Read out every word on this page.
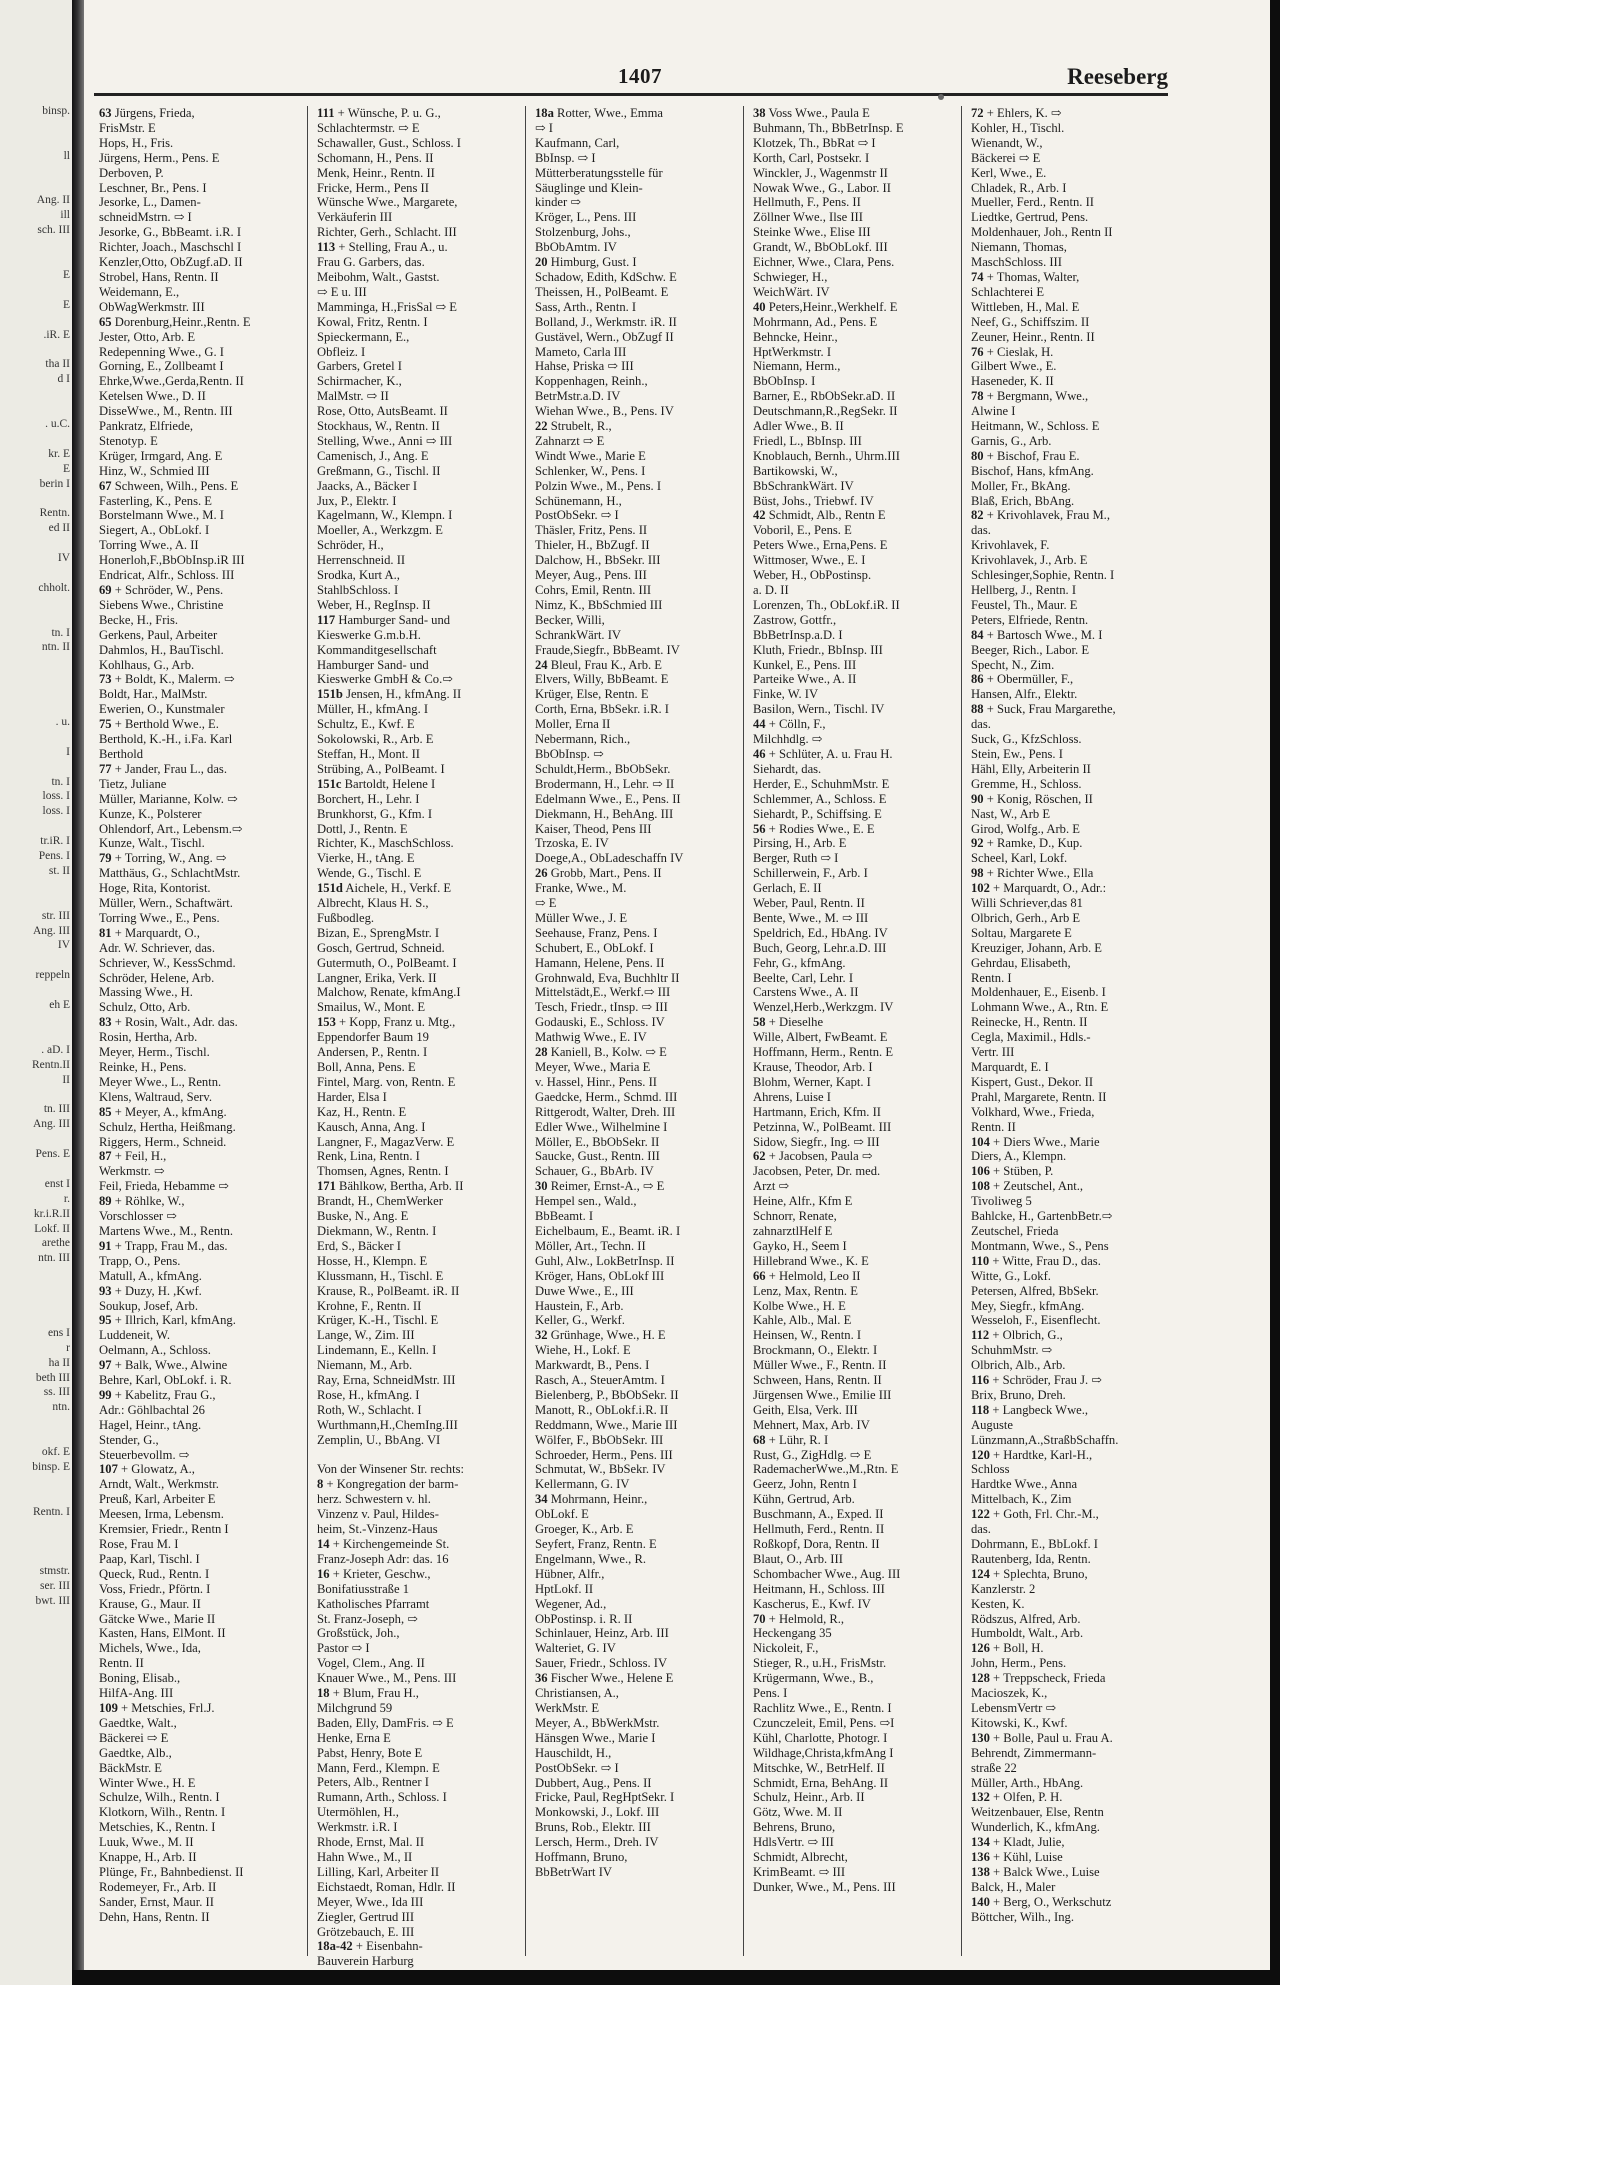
binsp.
ll
Ang. II
ill
sch. III
E
E
.iR. E
tha II
d I
. u.C.
kr. E
E
berin I
Rentn.
ed II
IV
chholt.
tn. I
ntn. II
. u.
I
tn. I
loss. I
loss. I
tr.iR. I
Pens. I
st. II
str. III
Ang. III
IV
reppeln
eh E
. aD. I
Rentn.II
II
tn. III
Ang. III
Pens. E
enst I
r.
kr.i.R.II
Lokf. II
arethe
ntn. III
ens I
r
ha II
beth III
ss. III
ntn.
okf. E
binsp. E
Rentn. I
stmstr.
ser. III
bwt. III
1407	Reeseberg
63 Jürgens, Frieda,
FrisMstr. E
Hops, H., Fris.
Jürgens, Herm., Pens. E
Derboven, P.
Leschner, Br., Pens. I
Jesorke, L., Damen-
schneidMstrn. ⇨ I
Jesorke, G., BbBeamt. i.R. I
Richter, Joach., Maschschl I
Kenzler,Otto, ObZugf.aD. II
Strobel, Hans, Rentn. II
Weidemann, E.,
ObWagWerkmstr. III
65 Dorenburg,Heinr.,Rentn. E
Jester, Otto, Arb. E
Redepenning Wwe., G. I
Gorning, E., Zollbeamt I
Ehrke,Wwe.,Gerda,Rentn. II
Ketelsen Wwe., D. II
DisseWwe., M., Rentn. III
Pankratz, Elfriede,
Stenotyp. E
Krüger, Irmgard, Ang. E
Hinz, W., Schmied III
67 Schween, Wilh., Pens. E
Fasterling, K., Pens. E
Borstelmann Wwe., M. I
Siegert, A., ObLokf. I
Torring Wwe., A. II
Honerloh,F.,BbObInsp.iR III
Endricat, Alfr., Schloss. III
69 + Schröder, W., Pens.
Siebens Wwe., Christine
Becke, H., Fris.
Gerkens, Paul, Arbeiter
Dahmlos, H., BauTischl.
Kohlhaus, G., Arb.
73 + Boldt, K., Malerm. ⇨
Boldt, Har., MalMstr.
Ewerien, O., Kunstmaler
75 + Berthold Wwe., E.
Berthold, K.-H., i.Fa. Karl
Berthold
77 + Jander, Frau L., das.
Tietz, Juliane
Müller, Marianne, Kolw. ⇨
Kunze, K., Polsterer
Ohlendorf, Art., Lebensm.⇨
Kunze, Walt., Tischl.
79 + Torring, W., Ang. ⇨
Matthäus, G., SchlachtMstr.
Hoge, Rita, Kontorist.
Müller, Wern., Schaftwärt.
Torring Wwe., E., Pens.
81 + Marquardt, O.,
Adr. W. Schriever, das.
Schriever, W., KessSchmd.
Schröder, Helene, Arb.
Massing Wwe., H.
Schulz, Otto, Arb.
83 + Rosin, Walt., Adr. das.
Rosin, Hertha, Arb.
Meyer, Herm., Tischl.
Reinke, H., Pens.
Meyer Wwe., L., Rentn.
Klens, Waltraud, Serv.
85 + Meyer, A., kfmAng.
Schulz, Hertha, Heißmang.
Riggers, Herm., Schneid.
87 + Feil, H.,
Werkmstr. ⇨
Feil, Frieda, Hebamme ⇨
89 + Röhlke, W.,
Vorschlosser ⇨
Martens Wwe., M., Rentn.
91 + Trapp, Frau M., das.
Trapp, O., Pens.
Matull, A., kfmAng.
93 + Duzy, H. ,Kwf.
Soukup, Josef, Arb.
95 + Illrich, Karl, kfmAng.
Luddeneit, W.
Oelmann, A., Schloss.
97 + Balk, Wwe., Alwine
Behre, Karl, ObLokf. i. R.
99 + Kabelitz, Frau G.,
Adr.: Göhlbachtal 26
Hagel, Heinr., tAng.
Stender, G.,
Steuerbevollm. ⇨
107 + Glowatz, A.,
Arndt, Walt., Werkmstr.
Preuß, Karl, Arbeiter E
Meesen, Irma, Lebensm.
Kremsier, Friedr., Rentn I
Rose, Frau M. I
Paap, Karl, Tischl. I
Queck, Rud., Rentn. I
Voss, Friedr., Pförtn. I
Krause, G., Maur. II
Gätcke Wwe., Marie II
Kasten, Hans, ElMont. II
Michels, Wwe., Ida,
Rentn. II
Boning, Elisab.,
HilfA-Ang. III
109 + Metschies, Frl.J.
Gaedtke, Walt.,
Bäckerei ⇨ E
Gaedtke, Alb.,
BäckMstr. E
Winter Wwe., H. E
Schulze, Wilh., Rentn. I
Klotkorn, Wilh., Rentn. I
Metschies, K., Rentn. I
Luuk, Wwe., M. II
Knappe, H., Arb. II
Plünge, Fr., Bahnbedienst. II
Rodemeyer, Fr., Arb. II
Sander, Ernst, Maur. II
Dehn, Hans, Rentn. II
111 + Wünsche, P. u. G.,
Schlachtermstr. ⇨ E
Schawaller, Gust., Schloss. I
Schomann, H., Pens. II
Menk, Heinr., Rentn. II
Fricke, Herm., Pens II
Wünsche Wwe., Margarete,
Verkäuferin III
Richter, Gerh., Schlacht. III
113 + Stelling, Frau A., u.
Frau G. Garbers, das.
Meibohm, Walt., Gastst.
⇨ E u. III
Mamminga, H.,FrisSal ⇨ E
Kowal, Fritz, Rentn. I
Spieckermann, E.,
Obfleiz. I
Garbers, Gretel I
Schirmacher, K.,
MalMstr. ⇨ II
Rose, Otto, AutsBeamt. II
Stockhaus, W., Rentn. II
Stelling, Wwe., Anni ⇨ III
Camenisch, J., Ang. E
Greßmann, G., Tischl. II
Jaacks, A., Bäcker I
Jux, P., Elektr. I
Kagelmann, W., Klempn. I
Moeller, A., Werkzgm. E
Schröder, H.,
Herrenschneid. II
Srodka, Kurt A.,
StahlbSchloss. I
Weber, H., RegInsp. II
117 Hamburger Sand- und
Kieswerke G.m.b.H.
Kommanditgesellschaft
Hamburger Sand- und
Kieswerke GmbH & Co.⇨
151b Jensen, H., kfmAng. II
Müller, H., kfmAng. I
Schultz, E., Kwf. E
Sokolowski, R., Arb. E
Steffan, H., Mont. II
Strübing, A., PolBeamt. I
151c Bartoldt, Helene I
Borchert, H., Lehr. I
Brunkhorst, G., Kfm. I
Dottl, J., Rentn. E
Richter, K., MaschSchloss.
Vierke, H., tAng. E
Wende, G., Tischl. E
151d Aichele, H., Verkf. E
Albrecht, Klaus H. S.,
Fußbodleg.
Bizan, E., SprengMstr. I
Gosch, Gertrud, Schneid.
Gutermuth, O., PolBeamt. I
Langner, Erika, Verk. II
Malchow, Renate, kfmAng.I
Smailus, W., Mont. E
153 + Kopp, Franz u. Mtg.,
Eppendorfer Baum 19
Andersen, P., Rentn. I
Boll, Anna, Pens. E
Fintel, Marg. von, Rentn. E
Harder, Elsa I
Kaz, H., Rentn. E
Kausch, Anna, Ang. I
Langner, F., MagazVerw. E
Renk, Lina, Rentn. I
Thomsen, Agnes, Rentn. I
171 Bählkow, Bertha, Arb. II
Brandt, H., ChemWerker
Buske, N., Ang. E
Diekmann, W., Rentn. I
Erd, S., Bäcker I
Hosse, H., Klempn. E
Klussmann, H., Tischl. E
Krause, R., PolBeamt. iR. II
Krohne, F., Rentn. II
Krüger, K.-H., Tischl. E
Lange, W., Zim. III
Lindemann, E., Kelln. I
Niemann, M., Arb.
Ray, Erna, SchneidMstr. III
Rose, H., kfmAng. I
Roth, W., Schlacht. I
Wurthmann,H.,ChemIng.III
Zemplin, U., BbAng. VI
Von der Winsener Str. rechts:
8 + Kongregation der barm-
herz. Schwestern v. hl.
Vinzenz v. Paul, Hildes-
heim, St.-Vinzenz-Haus
14 + Kirchengemeinde St.
Franz-Joseph Adr: das. 16
16 + Krieter, Geschw.,
Bonifatiusstraße 1
Katholisches Pfarramt
St. Franz-Joseph, ⇨
Großstück, Joh.,
Pastor ⇨ I
Vogel, Clem., Ang. II
Knauer Wwe., M., Pens. III
18 + Blum, Frau H.,
Milchgrund 59
Baden, Elly, DamFris. ⇨ E
Henke, Erna E
Pabst, Henry, Bote E
Mann, Ferd., Klempn. E
Peters, Alb., Rentner I
Rumann, Arth., Schloss. I
Utermöhlen, H.,
Werkmstr. i.R. I
Rhode, Ernst, Mal. II
Hahn Wwe., M., II
Lilling, Karl, Arbeiter II
Eichstaedt, Roman, Hdlr. II
Meyer, Wwe., Ida III
Ziegler, Gertrud III
Grötzebauch, E. III
18a-42 + Eisenbahn-
Bauverein Harburg
18a Rotter, Wwe., Emma
⇨ I
Kaufmann, Carl,
BbInsp. ⇨ I
Mütterberatungsstelle für
Säuglinge und Klein-
kinder ⇨
Kröger, L., Pens. III
Stolzenburg, Johs.,
BbObAmtm. IV
20 Himburg, Gust. I
Schadow, Edith, KdSchw. E
Theissen, H., PolBeamt. E
Sass, Arth., Rentn. I
Bolland, J., Werkmstr. iR. II
Gustävel, Wern., ObZugf II
Mameto, Carla III
Hahse, Priska ⇨ III
Koppenhagen, Reinh.,
BetrMstr.a.D. IV
Wiehan Wwe., B., Pens. IV
22 Strubelt, R.,
Zahnarzt ⇨ E
Windt Wwe., Marie E
Schlenker, W., Pens. I
Polzin Wwe., M., Pens. I
Schünemann, H.,
PostObSekr. ⇨ I
Thäsler, Fritz, Pens. II
Thieler, H., BbZugf. II
Dalchow, H., BbSekr. III
Meyer, Aug., Pens. III
Cohrs, Emil, Rentn. III
Nimz, K., BbSchmied III
Becker, Willi,
SchrankWärt. IV
Fraude,Siegfr., BbBeamt. IV
24 Bleul, Frau K., Arb. E
Elvers, Willy, BbBeamt. E
Krüger, Else, Rentn. E
Corth, Erna, BbSekr. i.R. I
Moller, Erna II
Nebermann, Rich.,
BbObInsp. ⇨
Schuldt,Herm., BbObSekr.
Brodermann, H., Lehr. ⇨ II
Edelmann Wwe., E., Pens. II
Diekmann, H., BehAng. III
Kaiser, Theod, Pens III
Trzoska, E. IV
Doege,A., ObLadeschaffn IV
26 Grobb, Mart., Pens. II
Franke, Wwe., M.
⇨ E
Müller Wwe., J. E
Seehause, Franz, Pens. I
Schubert, E., ObLokf. I
Hamann, Helene, Pens. II
Grohnwald, Eva, Buchhltr II
Mittelstädt,E., Werkf.⇨ III
Tesch, Friedr., tInsp. ⇨ III
Godauski, E., Schloss. IV
Mathwig Wwe., E. IV
28 Kaniell, B., Kolw. ⇨ E
Meyer, Wwe., Maria E
v. Hassel, Hinr., Pens. II
Gaedcke, Herm., Schmd. III
Rittgerodt, Walter, Dreh. III
Edler Wwe., Wilhelmine I
Möller, E., BbObSekr. II
Saucke, Gust., Rentn. III
Schauer, G., BbArb. IV
30 Reimer, Ernst-A., ⇨ E
Hempel sen., Wald.,
BbBeamt. I
Eichelbaum, E., Beamt. iR. I
Möller, Art., Techn. II
Guhl, Alw., LokBetrInsp. II
Kröger, Hans, ObLokf III
Duwe Wwe., E., III
Haustein, F., Arb.
Keller, G., Werkf.
32 Grünhage, Wwe., H. E
Wiehe, H., Lokf. E
Markwardt, B., Pens. I
Rasch, A., SteuerAmtm. I
Bielenberg, P., BbObSekr. II
Manott, R., ObLokf.i.R. II
Reddmann, Wwe., Marie III
Wölfer, F., BbObSekr. III
Schroeder, Herm., Pens. III
Schmutat, W., BbSekr. IV
Kellermann, G. IV
34 Mohrmann, Heinr.,
ObLokf. E
Groeger, K., Arb. E
Seyfert, Franz, Rentn. E
Engelmann, Wwe., R.
Hübner, Alfr.,
HptLokf. II
Wegener, Ad.,
ObPostinsp. i. R. II
Schinlauer, Heinz, Arb. III
Walteriet, G. IV
Sauer, Friedr., Schloss. IV
36 Fischer Wwe., Helene E
Christiansen, A.,
WerkMstr. E
Meyer, A., BbWerkMstr.
Hänsgen Wwe., Marie I
Hauschildt, H.,
PostObSekr. ⇨ I
Dubbert, Aug., Pens. II
Fricke, Paul, RegHptSekr. I
Monkowski, J., Lokf. III
Bruns, Rob., Elektr. III
Lersch, Herm., Dreh. IV
Hoffmann, Bruno,
BbBetrWart IV
38 Voss Wwe., Paula E
Buhmann, Th., BbBetrInsp. E
Klotzek, Th., BbRat ⇨ I
Korth, Carl, Postsekr. I
Winckler, J., Wagenmstr II
Nowak Wwe., G., Labor. II
Hellmuth, F., Pens. II
Zöllner Wwe., Ilse III
Steinke Wwe., Elise III
Grandt, W., BbObLokf. III
Eichner, Wwe., Clara, Pens.
Schwieger, H.,
WeichWärt. IV
40 Peters,Heinr.,Werkhelf. E
Mohrmann, Ad., Pens. E
Behncke, Heinr.,
HptWerkmstr. I
Niemann, Herm.,
BbObInsp. I
Barner, E., RbObSekr.aD. II
Deutschmann,R.,RegSekr. II
Adler Wwe., B. II
Friedl, L., BbInsp. III
Knoblauch, Bernh., Uhrm.III
Bartikowski, W.,
BbSchrankWärt. IV
Büst, Johs., Triebwf. IV
42 Schmidt, Alb., Rentn E
Voboril, E., Pens. E
Peters Wwe., Erna,Pens. E
Wittmoser, Wwe., E. I
Weber, H., ObPostinsp.
a. D. II
Lorenzen, Th., ObLokf.iR. II
Zastrow, Gottfr.,
BbBetrInsp.a.D. I
Kluth, Friedr., BbInsp. III
Kunkel, E., Pens. III
Parteike Wwe., A. II
Finke, W. IV
Basilon, Wern., Tischl. IV
44 + Cölln, F.,
Milchhdlg. ⇨
46 + Schlüter, A. u. Frau H.
Siehardt, das.
Herder, E., SchuhmMstr. E
Schlemmer, A., Schloss. E
Siehardt, P., Schiffsing. E
56 + Rodies Wwe., E. E
Pirsing, H., Arb. E
Berger, Ruth ⇨ I
Schillerwein, F., Arb. I
Gerlach, E. II
Weber, Paul, Rentn. II
Bente, Wwe., M. ⇨ III
Speldrich, Ed., HbAng. IV
Buch, Georg, Lehr.a.D. III
Fehr, G., kfmAng.
Beelte, Carl, Lehr. I
Carstens Wwe., A. II
Wenzel,Herb.,Werkzgm. IV
58 + Dieselhe
Wille, Albert, FwBeamt. E
Hoffmann, Herm., Rentn. E
Krause, Theodor, Arb. I
Blohm, Werner, Kapt. I
Ahrens, Luise I
Hartmann, Erich, Kfm. II
Petzinna, W., PolBeamt. III
Sidow, Siegfr., Ing. ⇨ III
62 + Jacobsen, Paula ⇨
Jacobsen, Peter, Dr. med.
Arzt ⇨
Heine, Alfr., Kfm E
Schnorr, Renate,
zahnarztlHelf E
Gayko, H., Seem I
Hillebrand Wwe., K. E
66 + Helmold, Leo II
Lenz, Max, Rentn. E
Kolbe Wwe., H. E
Kahle, Alb., Mal. E
Heinsen, W., Rentn. I
Brockmann, O., Elektr. I
Müller Wwe., F., Rentn. II
Schween, Hans, Rentn. II
Jürgensen Wwe., Emilie III
Geith, Elsa, Verk. III
Mehnert, Max, Arb. IV
68 + Lühr, R. I
Rust, G., ZigHdlg. ⇨ E
RademacherWwe.,M.,Rtn. E
Geerz, John, Rentn I
Kühn, Gertrud, Arb.
Buschmann, A., Exped. II
Hellmuth, Ferd., Rentn. II
Roßkopf, Dora, Rentn. II
Blaut, O., Arb. III
Schombacher Wwe., Aug. III
Heitmann, H., Schloss. III
Kascherus, E., Kwf. IV
70 + Helmold, R.,
Heckengang 35
Nickoleit, F.,
Stieger, R., u.H., FrisMstr.
Krügermann, Wwe., B.,
Pens. I
Rachlitz Wwe., E., Rentn. I
Czunczeleit, Emil, Pens. ⇨I
Kühl, Charlotte, Photogr. I
Wildhage,Christa,kfmAng I
Mitschke, W., BetrHelf. II
Schmidt, Erna, BehAng. II
Schulz, Heinr., Arb. II
Götz, Wwe. M. II
Behrens, Bruno,
HdlsVertr. ⇨ III
Schmidt, Albrecht,
KrimBeamt. ⇨ III
Dunker, Wwe., M., Pens. III
72 + Ehlers, K. ⇨
Kohler, H., Tischl.
Wienandt, W.,
Bäckerei ⇨ E
Kerl, Wwe., E.
Chladek, R., Arb. I
Mueller, Ferd., Rentn. II
Liedtke, Gertrud, Pens.
Moldenhauer, Joh., Rentn II
Niemann, Thomas,
MaschSchloss. III
74 + Thomas, Walter,
Schlachterei E
Wittleben, H., Mal. E
Neef, G., Schiffszim. II
Zeuner, Heinr., Rentn. II
76 + Cieslak, H.
Gilbert Wwe., E.
Haseneder, K. II
78 + Bergmann, Wwe.,
Alwine I
Heitmann, W., Schloss. E
Garnis, G., Arb.
80 + Bischof, Frau E.
Bischof, Hans, kfmAng.
Moller, Fr., BkAng.
Blaß, Erich, BbAng.
82 + Krivohlavek, Frau M.,
das.
Krivohlavek, F.
Krivohlavek, J., Arb. E
Schlesinger,Sophie, Rentn. I
Hellberg, J., Rentn. I
Feustel, Th., Maur. E
Peters, Elfriede, Rentn.
84 + Bartosch Wwe., M. I
Beeger, Rich., Labor. E
Specht, N., Zim.
86 + Obermüller, F.,
Hansen, Alfr., Elektr.
88 + Suck, Frau Margarethe,
das.
Suck, G., KfzSchloss.
Stein, Ew., Pens. I
Hähl, Elly, Arbeiterin II
Gremme, H., Schloss.
90 + Konig, Röschen, II
Nast, W., Arb E
Girod, Wolfg., Arb. E
92 + Ramke, D., Kup.
Scheel, Karl, Lokf.
98 + Richter Wwe., Ella
102 + Marquardt, O., Adr.:
Willi Schriever,das 81
Olbrich, Gerh., Arb E
Soltau, Margarete E
Kreuziger, Johann, Arb. E
Gehrdau, Elisabeth,
Rentn. I
Moldenhauer, E., Eisenb. I
Lohmann Wwe., A., Rtn. E
Reinecke, H., Rentn. II
Cegla, Maximil., Hdls.-
Vertr. III
Marquardt, E. I
Kispert, Gust., Dekor. II
Prahl, Margarete, Rentn. II
Volkhard, Wwe., Frieda,
Rentn. II
104 + Diers Wwe., Marie
Diers, A., Klempn.
106 + Stüben, P.
108 + Zeutschel, Ant.,
Tivoliweg 5
Bahlcke, H., GartenbBetr.⇨
Zeutschel, Frieda
Montmann, Wwe., S., Pens
110 + Witte, Frau D., das.
Witte, G., Lokf.
Petersen, Alfred, BbSekr.
Mey, Siegfr., kfmAng.
Wesseloh, F., Eisenflecht.
112 + Olbrich, G.,
SchuhmMstr. ⇨
Olbrich, Alb., Arb.
116 + Schröder, Frau J. ⇨
Brix, Bruno, Dreh.
118 + Langbeck Wwe.,
Auguste
Lünzmann,A.,StraßbSchaffn.
120 + Hardtke, Karl-H.,
Schloss
Hardtke Wwe., Anna
Mittelbach, K., Zim
122 + Goth, Frl. Chr.-M.,
das.
Dohrmann, E., BbLokf. I
Rautenberg, Ida, Rentn.
124 + Splechta, Bruno,
Kanzlerstr. 2
Kesten, K.
Rödszus, Alfred, Arb.
Humboldt, Walt., Arb.
126 + Boll, H.
John, Herm., Pens.
128 + Treppscheck, Frieda
Macioszek, K.,
LebensmVertr ⇨
Kitowski, K., Kwf.
130 + Bolle, Paul u. Frau A.
Behrendt, Zimmermann-
straße 22
Müller, Arth., HbAng.
132 + Olfen, P. H.
Weitzenbauer, Else, Rentn
Wunderlich, K., kfmAng.
134 + Kladt, Julie,
136 + Kühl, Luise
138 + Balck Wwe., Luise
Balck, H., Maler
140 + Berg, O., Werkschutz
Böttcher, Wilh., Ing.
